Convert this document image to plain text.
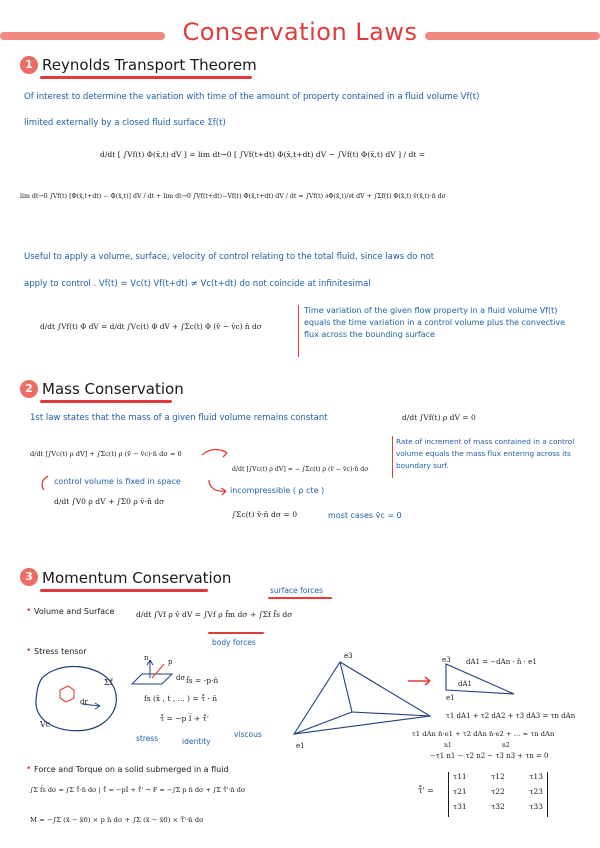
Conservation Laws
1 Reynolds Transport Theorem
Of interest to determine the variation with time of the amount of property contained in a fluid volume Vf(t)
limited externally by a closed fluid surface Σf(t)
d/dt [ ∫Vf(t) Φ(x̄,t) dV ] = lim dt→0 [ ∫Vf(t+dt) Φ(x̄,t+dt) dV − ∫Vf(t) Φ(x̄,t) dV ] / dt =
lim dt→0 ∫Vf(t) [Φ(x̄,t+dt) − Φ(x̄,t)] dV / dt + lim dt→0 ∫Vf(t+dt)−Vf(t) Φ(x̄,t+dt) dV / dt = ∫Vf(t) ∂Φ(x̄,t)/∂t dV + ∫Σf(t) Φ(x̄,t) v̄(x̄,t)·n̄ dσ
Useful to apply a volume, surface, velocity of control relating to the total fluid, since laws do not
apply to control . Vf(t) = Vc(t) Vf(t+dt) ≠ Vc(t+dt) do not coincide at infinitesimal
d/dt ∫Vf(t) Φ dV = d/dt ∫Vc(t) Φ dV + ∫Σc(t) Φ (v̄ − v̄c) n̄ dσ
Time variation of the given flow property in a fluid volume Vf(t) equals the time variation in a control volume plus the convective flux across the bounding surface
2 Mass Conservation
1st law states that the mass of a given fluid volume remains constant	d/dt ∫Vf(t) ρ dV = 0
d/dt [∫Vc(t) ρ dV] + ∫Σc(t) ρ (v̄ − v̄c)·n̄ dσ = 0
d/dt [∫Vc(t) ρ dV] = − ∫Σc(t) ρ (v̄ − v̄c)·n̄ dσ
Rate of increment of mass contained in a control volume equals the mass flux entering across its boundary surf.
control volume is fixed in space
d/dt ∫V0 ρ dV + ∫Σ0 ρ v̄·n̄ dσ
incompressible ( ρ cte )
∫Σc(t) v̄·n̄ dσ = 0	most cases v̄c = 0
3 Momentum Conservation
surface forces
• Volume and Surface	d/dt ∫Vf ρ v̄ dV = ∫Vf ρ f̄m dσ + ∫Σf f̄s dσ
body forces
• Stress tensor
Σf
dr
Vc
n	p
dσ f̄s = -p·n̄
fs (x̄ , t , ... ) = τ̄̄ · n̄
τ̄̄ = −p I̅ + τ̄̄'
stress	identity
viscous
e3
e1
e3
e1
dA1
dA1 = −dAn · n̄ · e1
τ1 dA1 + τ2 dA2 + τ3 dA3 = τn dAn
τ1 dAn n̄·e1 + τ2 dAn n̄·e2 + ... = τn dAn
n1	n2
−τ1 n1 − τ2 n2 − τ3 n3 + τn = 0
• Force and Torque on a solid submerged in a fluid
∫Σ f̄s dσ = ∫Σ τ̄̄·n̄ dσ | τ̄̄ = −pI̅ + τ̄̄' → F = −∫Σ p n̄ dσ + ∫Σ τ̄̄'·n̄ dσ
M = −∫Σ (x̄ − x̄0) × p n̄ dσ + ∫Σ (x̄ − x̄0) × τ̄̄'·n̄ dσ
τ̄̄' =
τ11	τ12	τ13
τ21	τ22	τ23
τ31	τ32	τ33
